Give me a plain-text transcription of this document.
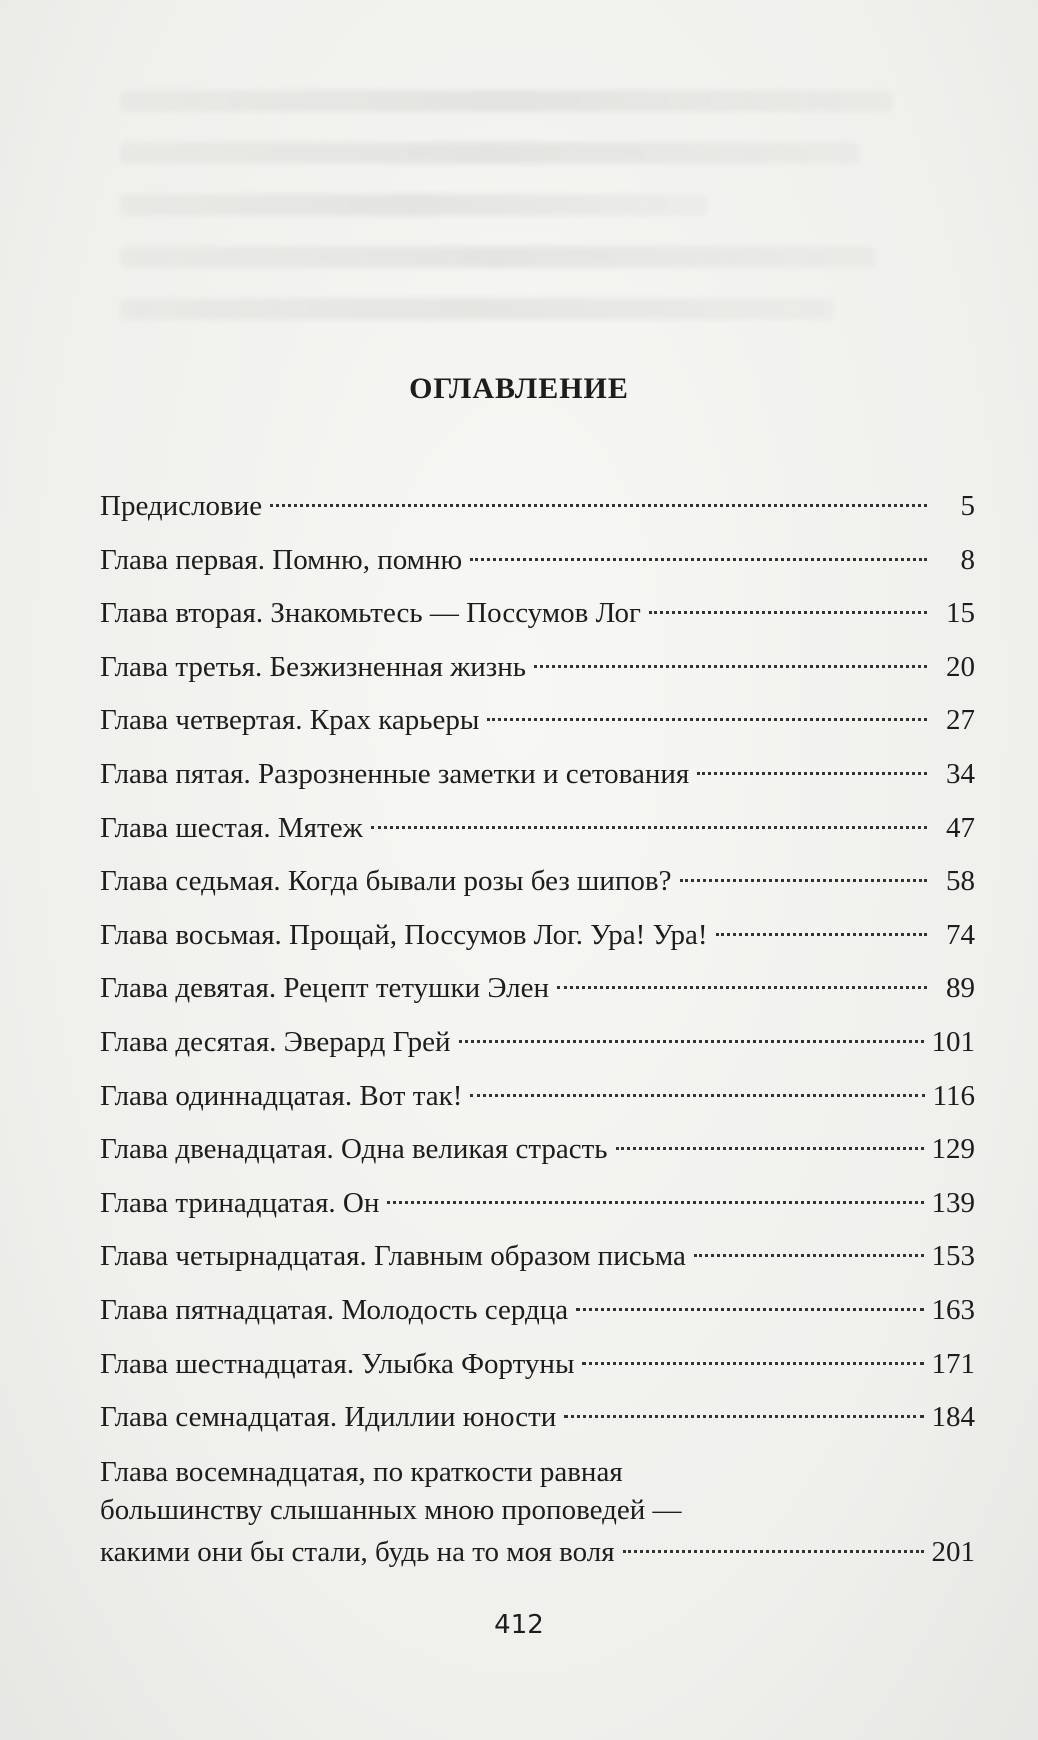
ОГЛАВЛЕНИЕ
Предисловие	5
Глава первая. Помню, помню	8
Глава вторая. Знакомьтесь — Поссумов Лог	15
Глава третья. Безжизненная жизнь	20
Глава четвертая. Крах карьеры	27
Глава пятая. Разрозненные заметки и сетования	34
Глава шестая. Мятеж	47
Глава седьмая. Когда бывали розы без шипов?	58
Глава восьмая. Прощай, Поссумов Лог. Ура! Ура!	74
Глава девятая. Рецепт тетушки Элен	89
Глава десятая. Эверард Грей	101
Глава одиннадцатая. Вот так!	116
Глава двенадцатая. Одна великая страсть	129
Глава тринадцатая. Он	139
Глава четырнадцатая. Главным образом письма	153
Глава пятнадцатая. Молодость сердца	163
Глава шестнадцатая. Улыбка Фортуны	171
Глава семнадцатая. Идиллии юности	184
Глава восемнадцатая, по краткости равная
большинству слышанных мною проповедей —
какими они бы стали, будь на то моя воля	201
412
